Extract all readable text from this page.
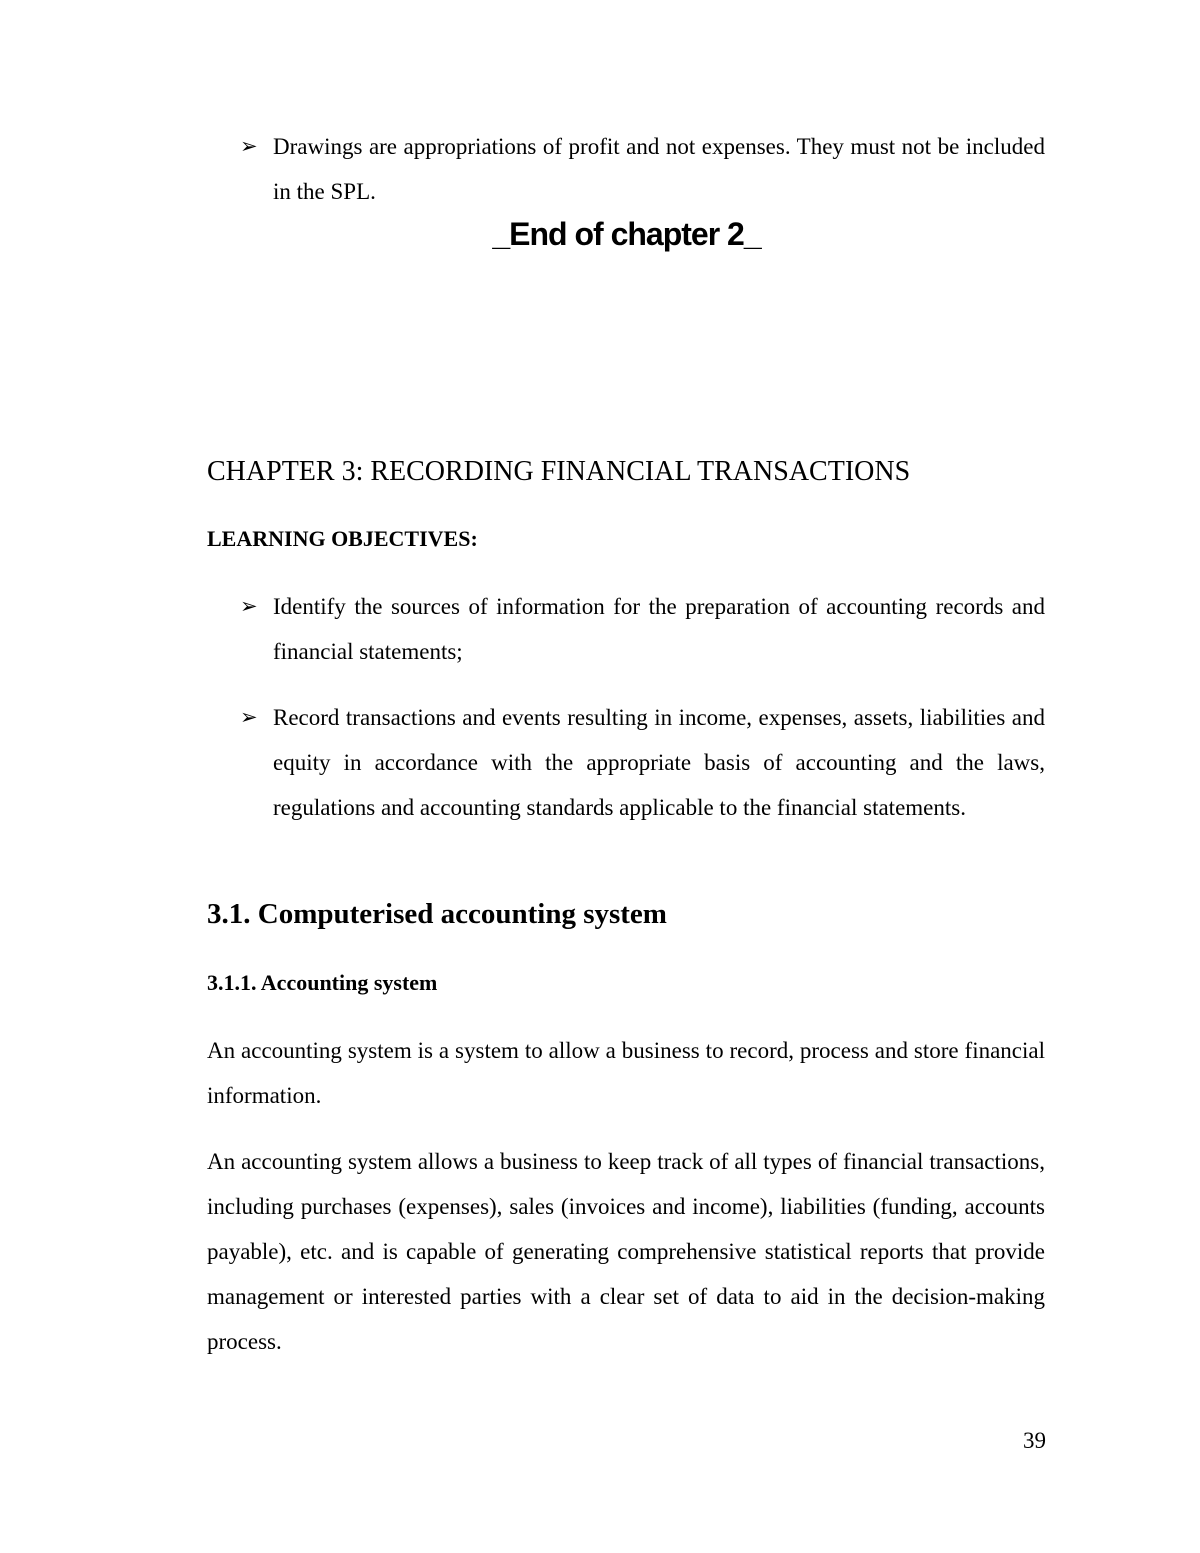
➢ Drawings are appropriations of profit and not expenses. They must not be included in the SPL.
_End of chapter 2_
CHAPTER 3: RECORDING FINANCIAL TRANSACTIONS
LEARNING OBJECTIVES:
➢ Identify the sources of information for the preparation of accounting records and financial statements;
➢ Record transactions and events resulting in income, expenses, assets, liabilities and equity in accordance with the appropriate basis of accounting and the laws, regulations and accounting standards applicable to the financial statements.
3.1. Computerised accounting system
3.1.1. Accounting system
An accounting system is a system to allow a business to record, process and store financial information.
An accounting system allows a business to keep track of all types of financial transactions, including purchases (expenses), sales (invoices and income), liabilities (funding, accounts payable), etc. and is capable of generating comprehensive statistical reports that provide management or interested parties with a clear set of data to aid in the decision-making process.
39
